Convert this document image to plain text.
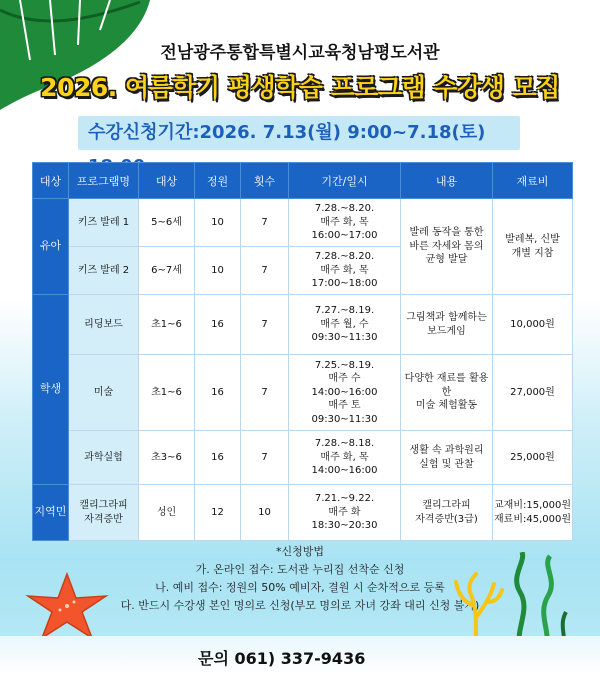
전남광주통합특별시교육청남평도서관
2026. 여름학기 평생학습 프로그램 수강생 모집
수강신청기간:2026. 7.13(월) 9:00~7.18(토)
대상	프로그램명	대상	정원	횟수	기간/일시	내용	재료비
유아	키즈 발레 1	5~6세	10	7	7.28.~8.20.
매주 화, 목
16:00~17:00	발레 동작을 통한
바른 자세와 몸의
균형 발달	발레복, 신발
개별 지참
	키즈 발레 2	6~7세	10	7	7.28.~8.20.
매주 화, 목
17:00~18:00		
학생	리딩보드	초1~6	16	7	7.27.~8.19.
매주 월, 수
09:30~11:30	그림책과 함께하는
보드게임	10,000원
	미술	초1~6	16	7	7.25.~8.19.
매주 수
14:00~16:00
매주 토
09:30~11:30	다양한 재료를 활용한
미술 체험활동	27,000원
	과학실험	초3~6	16	7	7.28.~8.18.
매주 화, 목
14:00~16:00	생활 속 과학원리
실험 및 관찰	25,000원
지역민	캘리그라피
자격증반	성인	12	10	7.21.~9.22.
매주 화
18:30~20:30	캘리그라피
자격증반(3급)	교재비:15,000원
재료비:45,000원
*신청방법
가. 온라인 접수: 도서관 누리집 선착순 신청
나. 예비 접수: 정원의 50% 예비자, 결원 시 순차적으로 등록
다. 반드시 수강생 본인 명의로 신청(부모 명의로 자녀 강좌 대리 신청 불가)
문의 061) 337-9436
